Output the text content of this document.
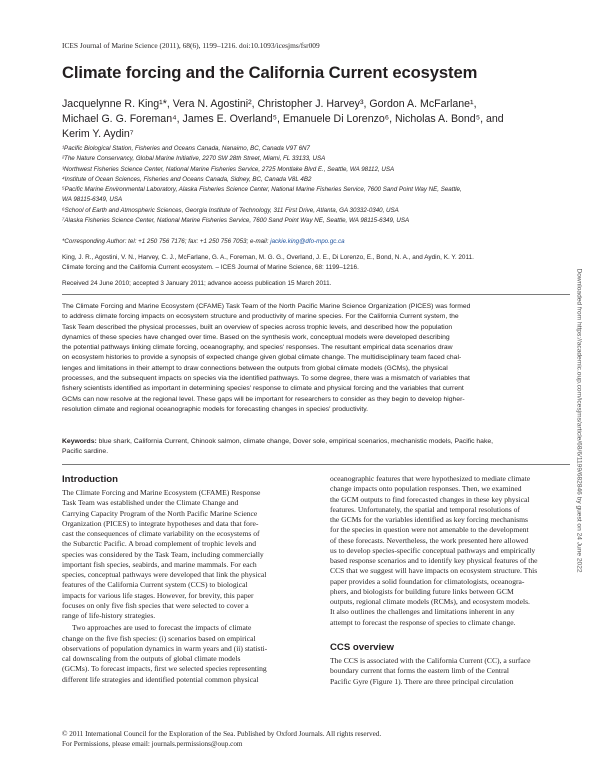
ICES Journal of Marine Science (2011), 68(6), 1199–1216. doi:10.1093/icesjms/fsr009
Climate forcing and the California Current ecosystem
Jacquelynne R. King¹*, Vera N. Agostini², Christopher J. Harvey³, Gordon A. McFarlane¹,
Michael G. G. Foreman⁴, James E. Overland⁵, Emanuele Di Lorenzo⁶, Nicholas A. Bond⁵, and
Kerim Y. Aydin⁷
¹Pacific Biological Station, Fisheries and Oceans Canada, Nanaimo, BC, Canada V9T 6N7
²The Nature Conservancy, Global Marine Initiative, 2270 SW 28th Street, Miami, FL 33133, USA
³Northwest Fisheries Science Center, National Marine Fisheries Service, 2725 Montlake Blvd E., Seattle, WA 98112, USA
⁴Institute of Ocean Sciences, Fisheries and Oceans Canada, Sidney, BC, Canada V8L 4B2
⁵Pacific Marine Environmental Laboratory, Alaska Fisheries Science Center, National Marine Fisheries Service, 7600 Sand Point Way NE, Seattle,
WA 98115-6349, USA
⁶School of Earth and Atmospheric Sciences, Georgia Institute of Technology, 311 First Drive, Atlanta, GA 30332-0340, USA
⁷Alaska Fisheries Science Center, National Marine Fisheries Service, 7600 Sand Point Way NE, Seattle, WA 98115-6349, USA
*Corresponding Author: tel: +1 250 756 7176; fax: +1 250 756 7053; e-mail: jackie.king@dfo-mpo.gc.ca
King, J. R., Agostini, V. N., Harvey, C. J., McFarlane, G. A., Foreman, M. G. G., Overland, J. E., Di Lorenzo, E., Bond, N. A., and Aydin, K. Y. 2011.
Climate forcing and the California Current ecosystem. – ICES Journal of Marine Science, 68: 1199–1216.
Received 24 June 2010; accepted 3 January 2011; advance access publication 15 March 2011.
The Climate Forcing and Marine Ecosystem (CFAME) Task Team of the North Pacific Marine Science Organization (PICES) was formed
to address climate forcing impacts on ecosystem structure and productivity of marine species. For the California Current system, the
Task Team described the physical processes, built an overview of species across trophic levels, and described how the population
dynamics of these species have changed over time. Based on the synthesis work, conceptual models were developed describing
the potential pathways linking climate forcing, oceanography, and species' responses. The resultant empirical data scenarios draw
on ecosystem histories to provide a synopsis of expected change given global climate change. The multidisciplinary team faced chal-
lenges and limitations in their attempt to draw connections between the outputs from global climate models (GCMs), the physical
processes, and the subsequent impacts on species via the identified pathways. To some degree, there was a mismatch of variables that
fishery scientists identified as important in determining species' response to climate and physical forcing and the variables that current
GCMs can now resolve at the regional level. These gaps will be important for researchers to consider as they begin to develop higher-
resolution climate and regional oceanographic models for forecasting changes in species' productivity.
Keywords: blue shark, California Current, Chinook salmon, climate change, Dover sole, empirical scenarios, mechanistic models, Pacific hake,
Pacific sardine.
Introduction
The Climate Forcing and Marine Ecosystem (CFAME) Response
Task Team was established under the Climate Change and
Carrying Capacity Program of the North Pacific Marine Science
Organization (PICES) to integrate hypotheses and data that fore-
cast the consequences of climate variability on the ecosystems of
the Subarctic Pacific. A broad complement of trophic levels and
species was considered by the Task Team, including commercially
important fish species, seabirds, and marine mammals. For each
species, conceptual pathways were developed that link the physical
features of the California Current system (CCS) to biological
impacts for various life stages. However, for brevity, this paper
focuses on only five fish species that were selected to cover a
range of life-history strategies.
Two approaches are used to forecast the impacts of climate
change on the five fish species: (i) scenarios based on empirical
observations of population dynamics in warm years and (ii) statisti-
cal downscaling from the outputs of global climate models
(GCMs). To forecast impacts, first we selected species representing
different life strategies and identified potential common physical
oceanographic features that were hypothesized to mediate climate
change impacts onto population responses. Then, we examined
the GCM outputs to find forecasted changes in these key physical
features. Unfortunately, the spatial and temporal resolutions of
the GCMs for the variables identified as key forcing mechanisms
for the species in question were not amenable to the development
of these forecasts. Nevertheless, the work presented here allowed
us to develop species-specific conceptual pathways and empirically
based response scenarios and to identify key physical features of the
CCS that we suggest will have impacts on ecosystem structure. This
paper provides a solid foundation for climatologists, oceanogra-
phers, and biologists for building future links between GCM
outputs, regional climate models (RCMs), and ecosystem models.
It also outlines the challenges and limitations inherent in any
attempt to forecast the response of species to climate change.
CCS overview
The CCS is associated with the California Current (CC), a surface
boundary current that forms the eastern limb of the Central
Pacific Gyre (Figure 1). There are three principal circulation
© 2011 International Council for the Exploration of the Sea. Published by Oxford Journals. All rights reserved.
For Permissions, please email: journals.permissions@oup.com
Downloaded from https://academic.oup.com/icesjms/article/68/6/1199/682846 by guest on 24 June 2022
